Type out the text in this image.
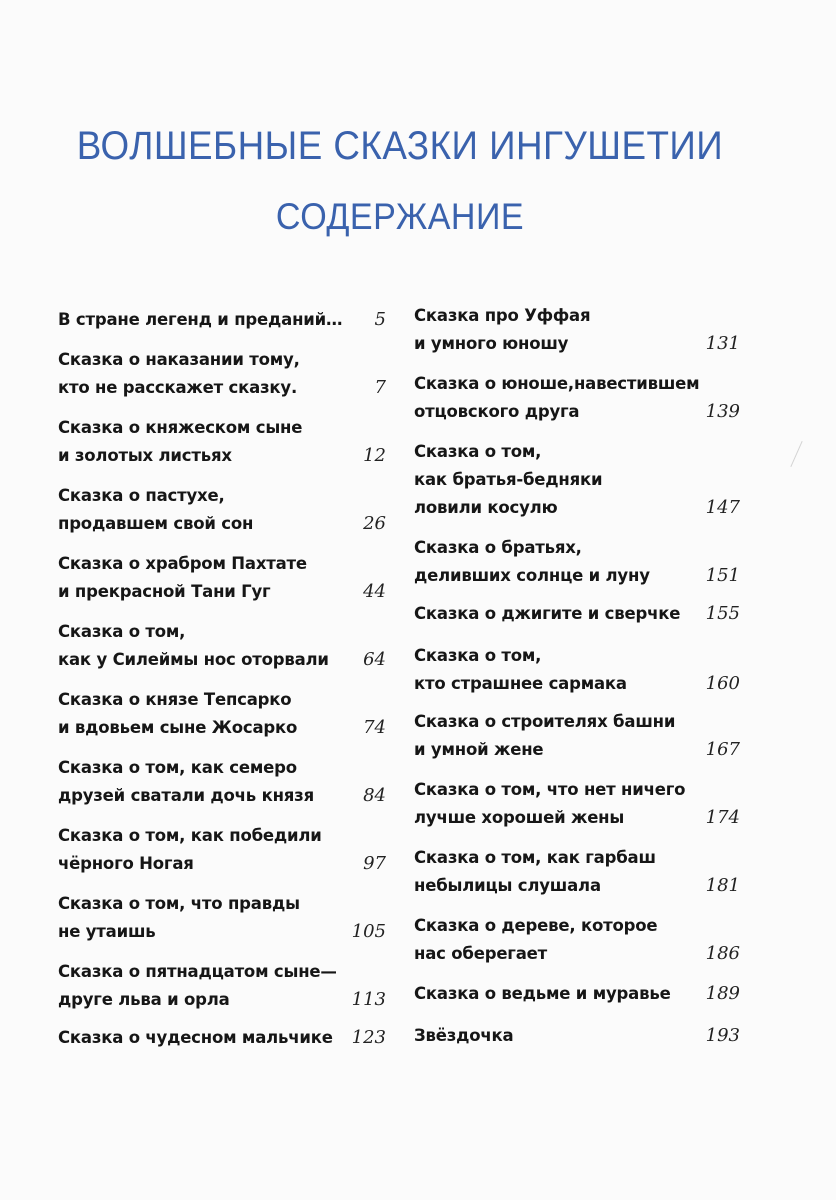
ВОЛШЕБНЫЕ СКАЗКИ ИНГУШЕТИИ
СОДЕРЖАНИЕ
В стране легенд и преданий…	5
Сказка о наказании тому,
кто не расскажет сказку.	7
Сказка о княжеском сыне
и золотых листьях	12
Сказка о пастухе,
продавшем свой сон	26
Сказка о храбром Пахтате
и прекрасной Тани Гуг	44
Сказка о том,
как у Силеймы нос оторвали	64
Сказка о князе Тепсарко
и вдовьем сыне Жосарко	74
Сказка о том, как семеро
друзей сватали дочь князя	84
Сказка о том, как победили
чёрного Ногая	97
Сказка о том, что правды
не утаишь	105
Сказка о пятнадцатом сыне—
друге льва и орла	113
Сказка о чудесном мальчике	123
Сказка про Уффая
и умного юношу	131
Сказка о юноше,навестившем
отцовского друга	139
Сказка о том,
как братья-бедняки
ловили косулю	147
Сказка о братьях,
деливших солнце и луну	151
Сказка о джигите и сверчке	155
Сказка о том,
кто страшнее сармака	160
Сказка о строителях башни
и умной жене	167
Сказка о том, что нет ничего
лучше хорошей жены	174
Сказка о том, как гарбаш
небылицы слушала	181
Сказка о дереве, которое
нас оберегает	186
Сказка о ведьме и муравье	189
Звёздочка	193
